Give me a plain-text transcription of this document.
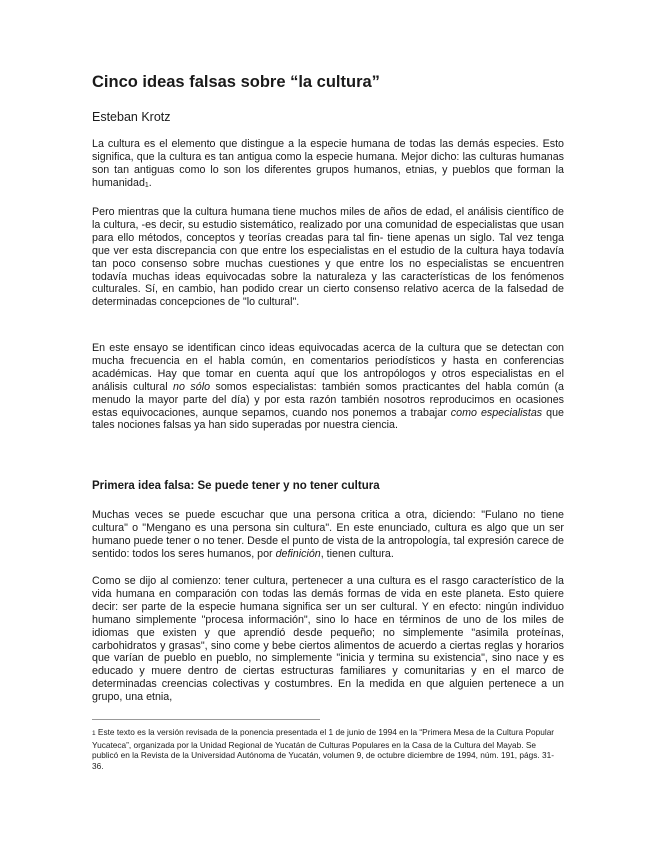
Cinco ideas falsas sobre “la cultura”

Esteban Krotz

La cultura es el elemento que distingue a la especie humana de todas las demás especies. Esto significa, que la cultura es tan antigua como la especie humana. Mejor dicho: las culturas humanas son tan antiguas como lo son los diferentes grupos humanos, etnias, y pueblos que forman la humanidad$^1$.

Pero mientras que la cultura humana tiene muchos miles de años de edad, el análisis científico de la cultura, -es decir, su estudio sistemático, realizado por una comunidad de especialistas que usan para ello métodos, conceptos y teorías creadas para tal fin- tiene apenas un siglo. Tal vez tenga que ver esta discrepancia con que entre los especialistas en el estudio de la cultura haya todavía tan poco consenso sobre muchas cuestiones y que entre los no especialistas se encuentren todavía muchas ideas equivocadas sobre la naturaleza y las características de los fenómenos culturales. Sí, en cambio, han podido crear un cierto consenso relativo acerca de la falsedad de determinadas concepciones de "lo cultural".

En este ensayo se identifican cinco ideas equivocadas acerca de la cultura que se detectan con mucha frecuencia en el habla común, en comentarios periodísticos y hasta en conferencias académicas. Hay que tomar en cuenta aquí que los antropólogos y otros especialistas en el análisis cultural no sólo somos especialistas: también somos practicantes del habla común (a menudo la mayor parte del día) y por esta razón también nosotros reproducimos en ocasiones estas equivocaciones, aunque sepamos, cuando nos ponemos a trabajar como especialistas que tales nociones falsas ya han sido superadas por nuestra ciencia.

Primera idea falsa: Se puede tener y no tener cultura

Muchas veces se puede escuchar que una persona critica a otra, diciendo: "Fulano no tiene cultura" o "Mengano es una persona sin cultura". En este enunciado, cultura es algo que un ser humano puede tener o no tener. Desde el punto de vista de la antropología, tal expresión carece de sentido: todos los seres humanos, por definición, tienen cultura.

Como se dijo al comienzo: tener cultura, pertenecer a una cultura es el rasgo característico de la vida humana en comparación con todas las demás formas de vida en este planeta. Esto quiere decir: ser parte de la especie humana significa ser un ser cultural. Y en efecto: ningún individuo humano simplemente "procesa información", sino lo hace en términos de uno de los miles de idiomas que existen y que aprendió desde pequeño; no simplemente "asimila proteínas, carbohidratos y grasas", sino come y bebe ciertos alimentos de acuerdo a ciertas reglas y horarios que varían de pueblo en pueblo, no simplemente "inicia y termina su existencia", sino nace y es educado y muere dentro de ciertas estructuras familiares y comunitarias y en el marco de determinadas creencias colectivas y costumbres. En la medida en que alguien pertenece a un grupo, una etnia,

1 Este texto es la versión revisada de la ponencia presentada el 1 de junio de 1994 en la “Primera Mesa de la Cultura Popular Yucateca”, organizada por la Unidad Regional de Yucatán de Culturas Populares en la Casa de la Cultura del Mayab. Se publicó en la Revista de la Universidad Autónoma de Yucatán, volumen 9, de octubre diciembre de 1994, núm. 191, págs. 31-36.
